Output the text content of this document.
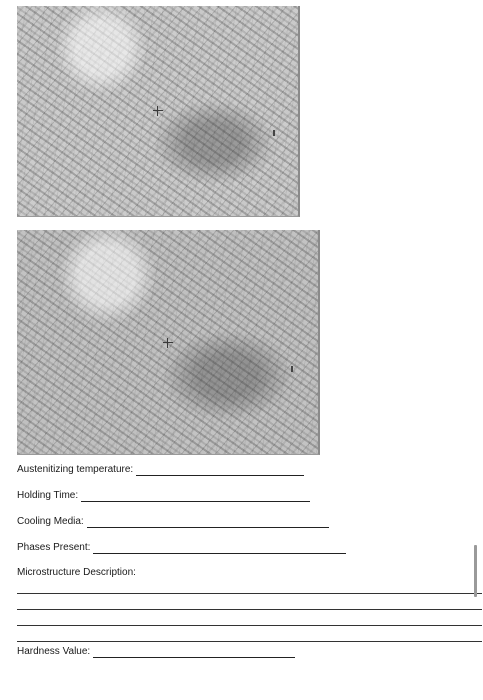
Austenitizing temperature:
Holding Time:
Cooling Media:
Phases Present:
Microstructure Description:
Hardness Value:
